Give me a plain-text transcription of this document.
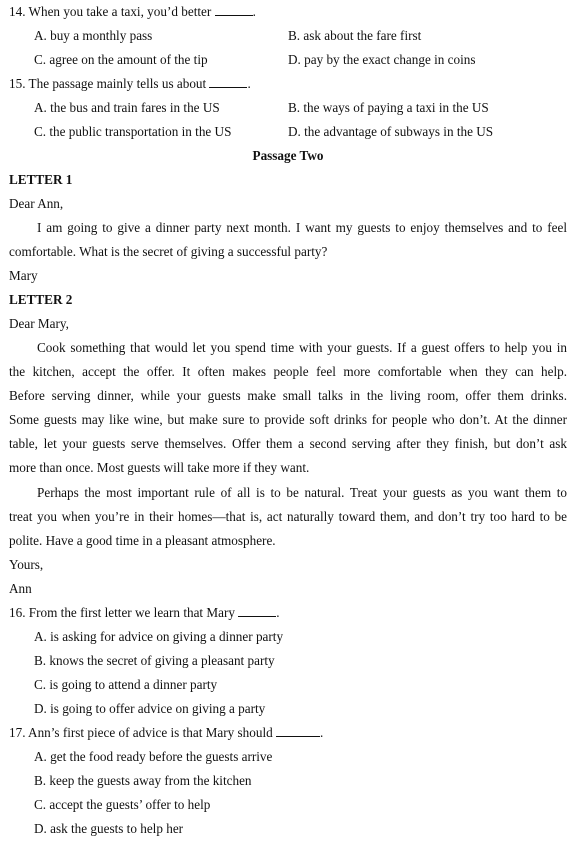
14. When you take a taxi, you’d better	.
A. buy a monthly pass	B. ask about the fare first
C. agree on the amount of the tip	D. pay by the exact change in coins
15. The passage mainly tells us about	.
A. the bus and train fares in the US	B. the ways of paying a taxi in the US
C. the public transportation in the US	D. the advantage of subways in the US
Passage Two
LETTER 1
Dear Ann,
I am going to give a dinner party next month. I want my guests to enjoy themselves and to feel
comfortable. What is the secret of giving a successful party?
Mary
LETTER 2
Dear Mary,
Cook something that would let you spend time with your guests. If a guest offers to help you in
the kitchen, accept the offer. It often makes people feel more comfortable when they can help.
Before serving dinner, while your guests make small talks in the living room, offer them drinks.
Some guests may like wine, but make sure to provide soft drinks for people who don’t. At the dinner
table, let your guests serve themselves. Offer them a second serving after they finish, but don’t ask
more than once. Most guests will take more if they want.
Perhaps the most important rule of all is to be natural. Treat your guests as you want them to
treat you when you’re in their homes—that is, act naturally toward them, and don’t try too hard to be
polite. Have a good time in a pleasant atmosphere.
Yours,
Ann
16. From the first letter we learn that Mary	.
A. is asking for advice on giving a dinner party
B. knows the secret of giving a pleasant party
C. is going to attend a dinner party
D. is going to offer advice on giving a party
17. Ann’s first piece of advice is that Mary should	.
A. get the food ready before the guests arrive
B. keep the guests away from the kitchen
C. accept the guests’ offer to help
D. ask the guests to help her
